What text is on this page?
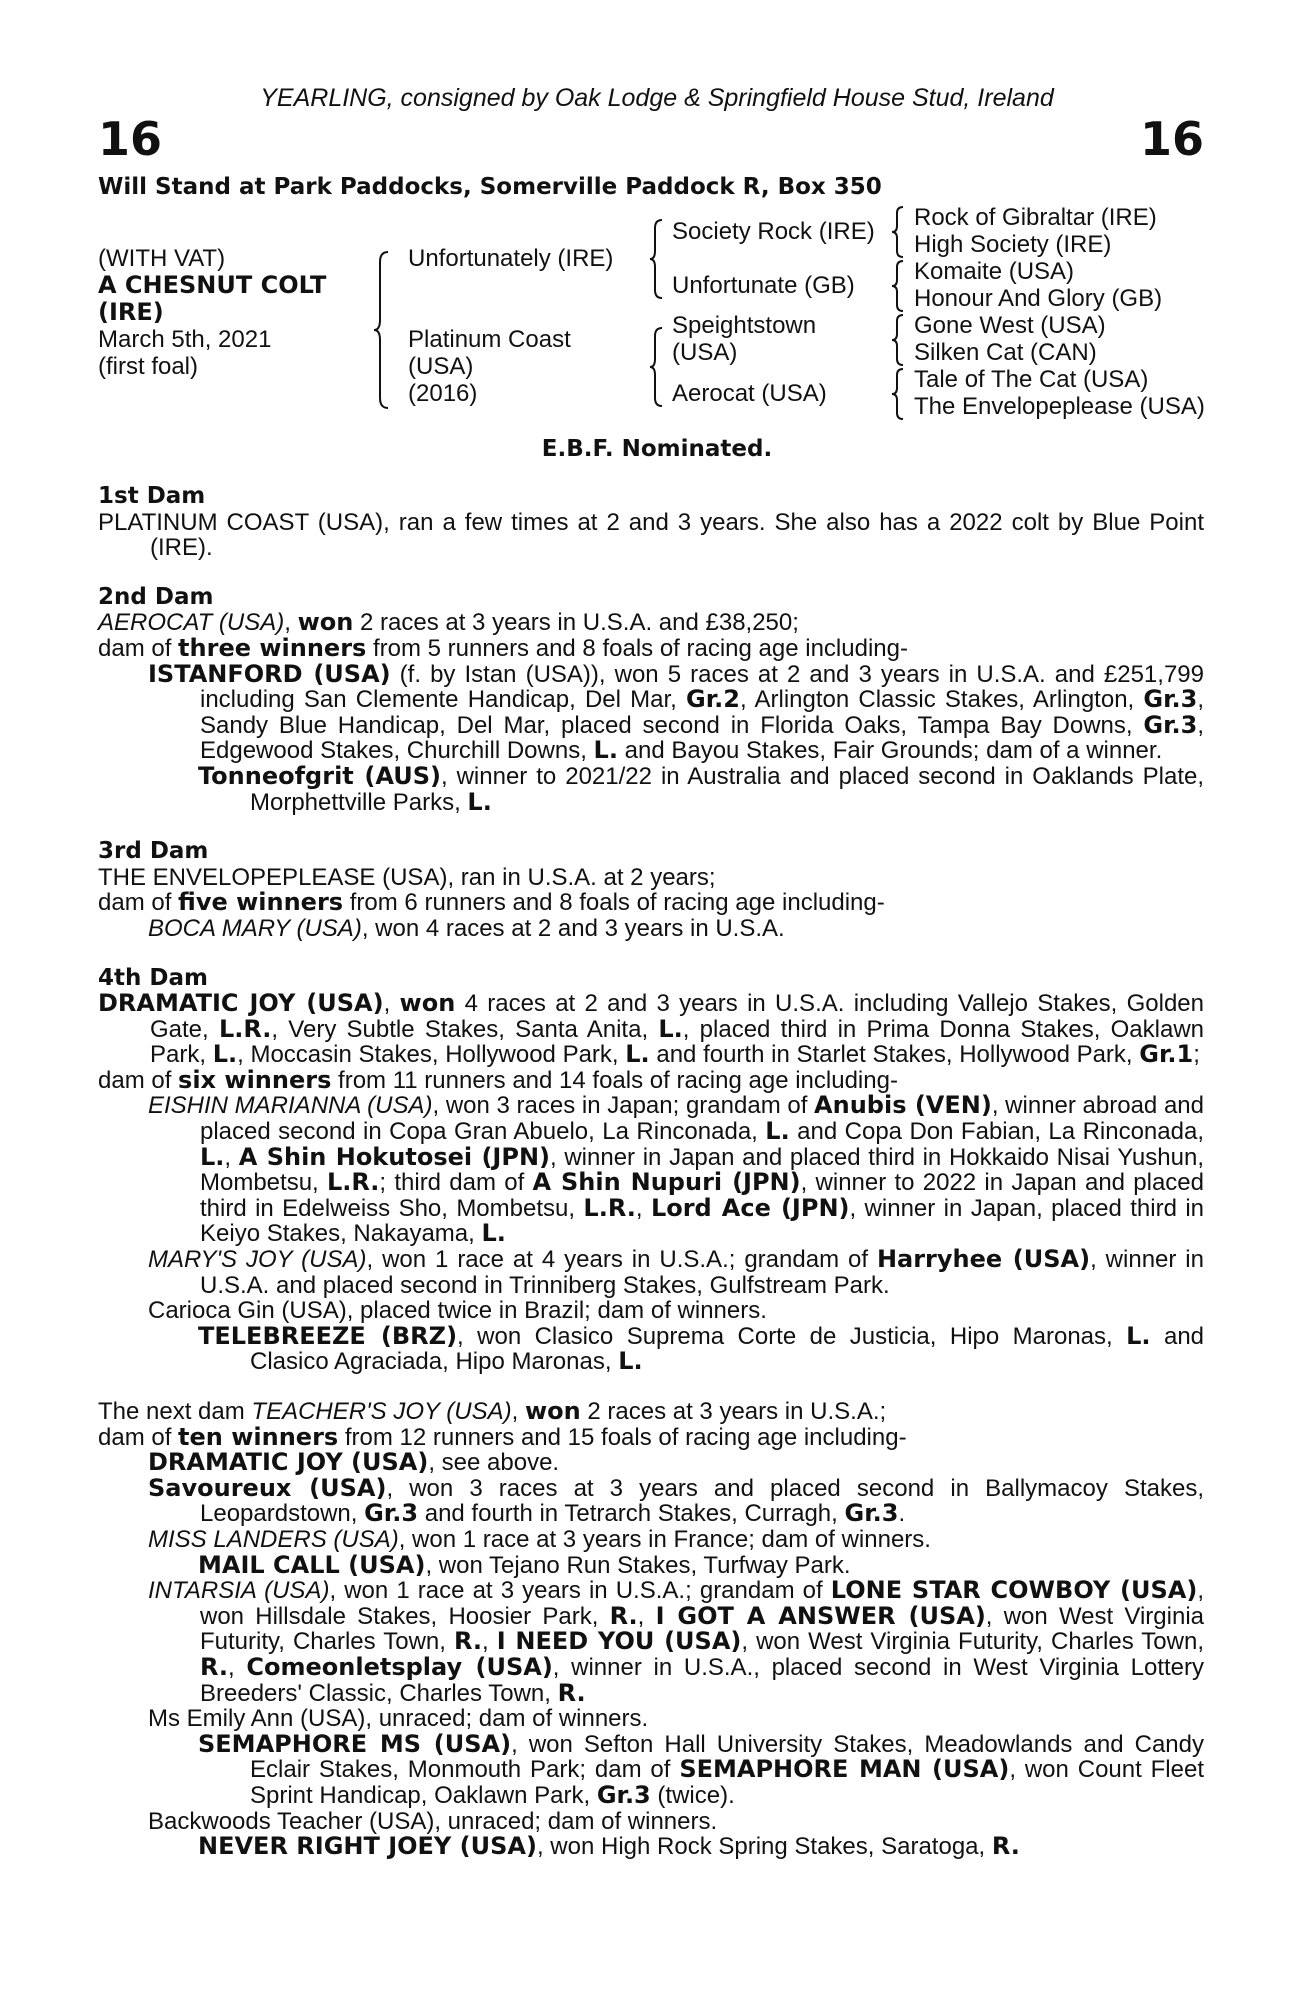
YEARLING, consigned by Oak Lodge & Springfield House Stud, Ireland
16	16
Will Stand at Park Paddocks, Somerville Paddock R, Box 350
(WITH VAT)
A CHESNUT COLT
(IRE)
March 5th, 2021
(first foal)
Unfortunately (IRE)
Platinum Coast
(USA)
(2016)
Society Rock (IRE)
Unfortunate (GB)
Speightstown
(USA)
Aerocat (USA)
Rock of Gibraltar (IRE)
High Society (IRE)
Komaite (USA)
Honour And Glory (GB)
Gone West (USA)
Silken Cat (CAN)
Tale of The Cat (USA)
The Envelopeplease (USA)
E.B.F. Nominated.

1st Dam

PLATINUM COAST (USA), ran a few times at 2 and 3 years. She also has a 2022 colt by Blue Point (IRE).

2nd Dam

AEROCAT (USA), won 2 races at 3 years in U.S.A. and £38,250;

dam of three winners from 5 runners and 8 foals of racing age including-

ISTANFORD (USA) (f. by Istan (USA)), won 5 races at 2 and 3 years in U.S.A. and £251,799 including San Clemente Handicap, Del Mar, Gr.2, Arlington Classic Stakes, Arlington, Gr.3, Sandy Blue Handicap, Del Mar, placed second in Florida Oaks, Tampa Bay Downs, Gr.3, Edgewood Stakes, Churchill Downs, L. and Bayou Stakes, Fair Grounds; dam of a winner.

Tonneofgrit (AUS), winner to 2021/22 in Australia and placed second in Oaklands Plate, Morphettville Parks, L.

3rd Dam

THE ENVELOPEPLEASE (USA), ran in U.S.A. at 2 years;

dam of five winners from 6 runners and 8 foals of racing age including-

BOCA MARY (USA), won 4 races at 2 and 3 years in U.S.A.

4th Dam

DRAMATIC JOY (USA), won 4 races at 2 and 3 years in U.S.A. including Vallejo Stakes, Golden Gate, L.R., Very Subtle Stakes, Santa Anita, L., placed third in Prima Donna Stakes, Oaklawn Park, L., Moccasin Stakes, Hollywood Park, L. and fourth in Starlet Stakes, Hollywood Park, Gr.1;

dam of six winners from 11 runners and 14 foals of racing age including-

EISHIN MARIANNA (USA), won 3 races in Japan; grandam of Anubis (VEN), winner abroad and placed second in Copa Gran Abuelo, La Rinconada, L. and Copa Don Fabian, La Rinconada, L., A Shin Hokutosei (JPN), winner in Japan and placed third in Hokkaido Nisai Yushun, Mombetsu, L.R.; third dam of A Shin Nupuri (JPN), winner to 2022 in Japan and placed third in Edelweiss Sho, Mombetsu, L.R., Lord Ace (JPN), winner in Japan, placed third in Keiyo Stakes, Nakayama, L.

MARY'S JOY (USA), won 1 race at 4 years in U.S.A.; grandam of Harryhee (USA), winner in U.S.A. and placed second in Trinniberg Stakes, Gulfstream Park.

Carioca Gin (USA), placed twice in Brazil; dam of winners.

TELEBREEZE (BRZ), won Clasico Suprema Corte de Justicia, Hipo Maronas, L. and Clasico Agraciada, Hipo Maronas, L.

The next dam TEACHER'S JOY (USA), won 2 races at 3 years in U.S.A.;

dam of ten winners from 12 runners and 15 foals of racing age including-

DRAMATIC JOY (USA), see above.

Savoureux (USA), won 3 races at 3 years and placed second in Ballymacoy Stakes, Leopardstown, Gr.3 and fourth in Tetrarch Stakes, Curragh, Gr.3.

MISS LANDERS (USA), won 1 race at 3 years in France; dam of winners.

MAIL CALL (USA), won Tejano Run Stakes, Turfway Park.

INTARSIA (USA), won 1 race at 3 years in U.S.A.; grandam of LONE STAR COWBOY (USA), won Hillsdale Stakes, Hoosier Park, R., I GOT A ANSWER (USA), won West Virginia Futurity, Charles Town, R., I NEED YOU (USA), won West Virginia Futurity, Charles Town, R., Comeonletsplay (USA), winner in U.S.A., placed second in West Virginia Lottery Breeders' Classic, Charles Town, R.

Ms Emily Ann (USA), unraced; dam of winners.

SEMAPHORE MS (USA), won Sefton Hall University Stakes, Meadowlands and Candy Eclair Stakes, Monmouth Park; dam of SEMAPHORE MAN (USA), won Count Fleet Sprint Handicap, Oaklawn Park, Gr.3 (twice).

Backwoods Teacher (USA), unraced; dam of winners.

NEVER RIGHT JOEY (USA), won High Rock Spring Stakes, Saratoga, R.
